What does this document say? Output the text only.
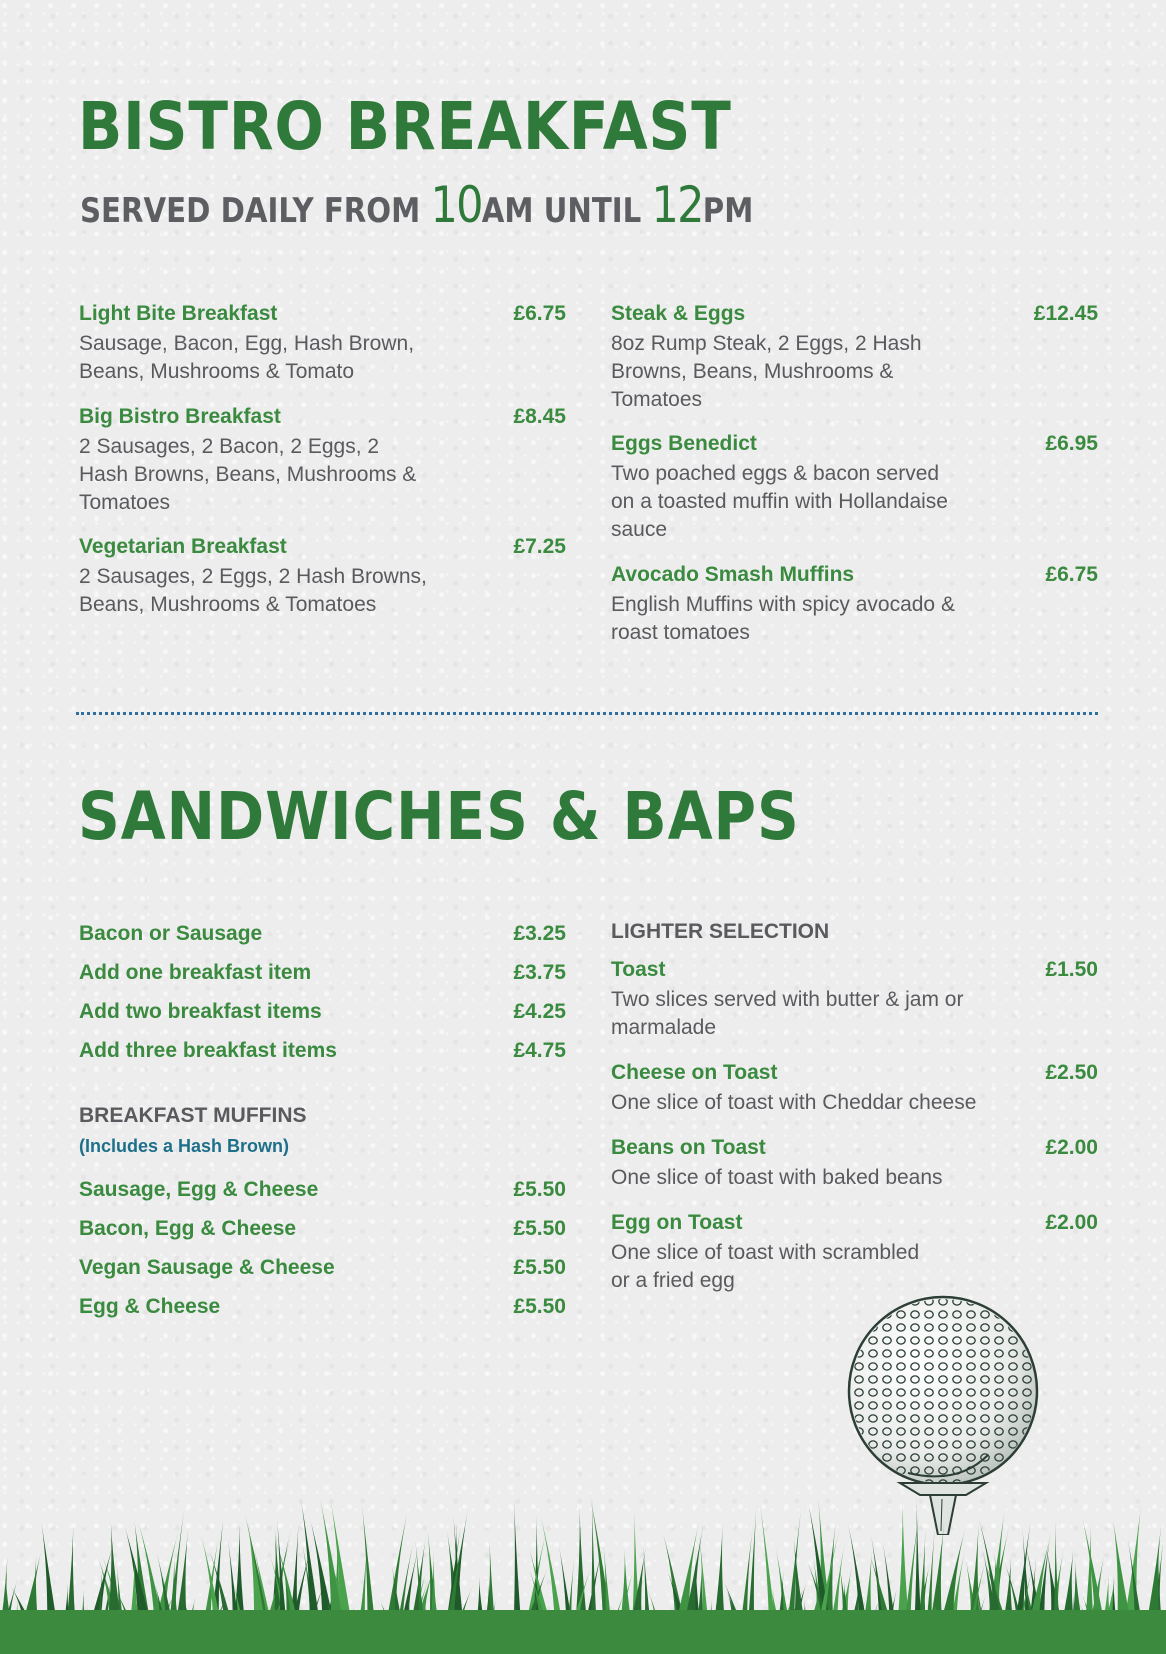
BISTRO BREAKFAST
SERVED DAILY FROM 10AM UNTIL 12PM
Light Bite Breakfast	£6.75
Sausage, Bacon, Egg, Hash Brown,
Beans, Mushrooms & Tomato
Big Bistro Breakfast	£8.45
2 Sausages, 2 Bacon, 2 Eggs, 2
Hash Browns, Beans, Mushrooms &
Tomatoes
Vegetarian Breakfast	£7.25
2 Sausages, 2 Eggs, 2 Hash Browns,
Beans, Mushrooms & Tomatoes
Steak & Eggs	£12.45
8oz Rump Steak, 2 Eggs, 2 Hash
Browns, Beans, Mushrooms &
Tomatoes
Eggs Benedict	£6.95
Two poached eggs & bacon served
on a toasted muffin with Hollandaise
sauce
Avocado Smash Muffins	£6.75
English Muffins with spicy avocado &
roast tomatoes
SANDWICHES & BAPS
Bacon or Sausage	£3.25
Add one breakfast item	£3.75
Add two breakfast items	£4.25
Add three breakfast items	£4.75
BREAKFAST MUFFINS
(Includes a Hash Brown)
Sausage, Egg & Cheese	£5.50
Bacon, Egg & Cheese	£5.50
Vegan Sausage & Cheese	£5.50
Egg & Cheese	£5.50
LIGHTER SELECTION
Toast	£1.50
Two slices served with butter & jam or
marmalade
Cheese on Toast	£2.50
One slice of toast with Cheddar cheese
Beans on Toast	£2.00
One slice of toast with baked beans
Egg on Toast	£2.00
One slice of toast with scrambled
or a fried egg
